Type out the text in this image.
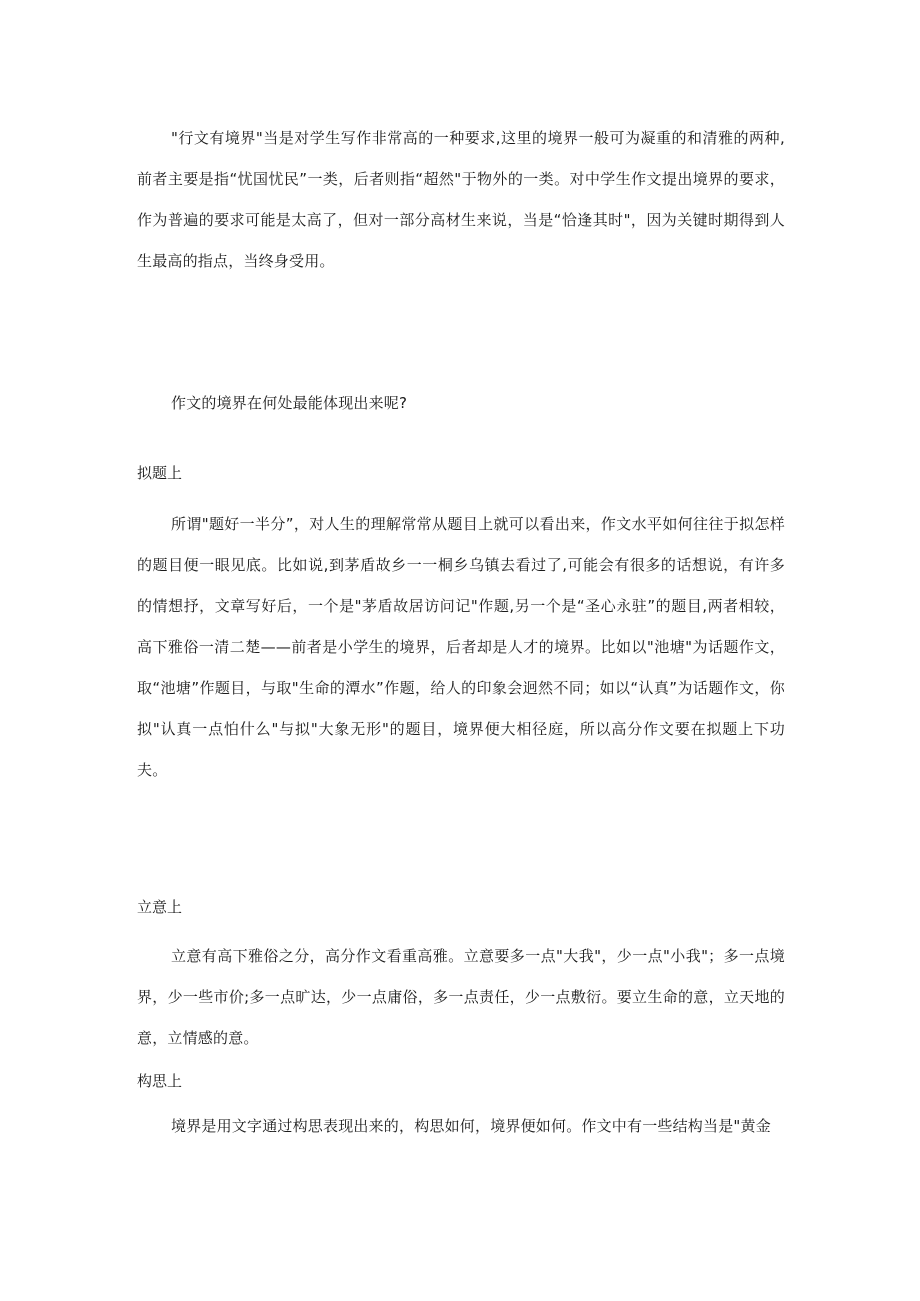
"行文有境界"当是对学生写作非常高的一种要求,这里的境界一般可为凝重的和清雅的两种,前者主要是指“忧国忧民”一类，后者则指“超然"于物外的一类。对中学生作文提出境界的要求，作为普遍的要求可能是太高了，但对一部分高材生来说，当是“恰逢其时"，因为关键时期得到人生最高的指点，当终身受用。

作文的境界在何处最能体现出来呢?

拟题上

所谓"题好一半分”，对人生的理解常常从题目上就可以看出来，作文水平如何往往于拟怎样的题目便一眼见底。比如说,到茅盾故乡一一桐乡乌镇去看过了,可能会有很多的话想说，有许多的情想抒，文章写好后，一个是"茅盾故居访问记"作题,另一个是“圣心永驻”的题目,两者相较，高下雅俗一清二楚——前者是小学生的境界，后者却是人才的境界。比如以"池塘"为话题作文，取“池塘”作题目，与取"生命的潭水”作题，给人的印象会迥然不同；如以“认真”为话题作文，你拟"认真一点怕什么"与拟"大象无形"的题目，境界便大相径庭，所以高分作文要在拟题上下功夫。

立意上

立意有高下雅俗之分，高分作文看重高雅。立意要多一点"大我"，少一点"小我"；多一点境界，少一些市价;多一点旷达，少一点庸俗，多一点责任，少一点敷衍。要立生命的意，立天地的意，立情感的意。

构思上

境界是用文字通过构思表现出来的，构思如何，境界便如何。作文中有一些结构当是"黄金
